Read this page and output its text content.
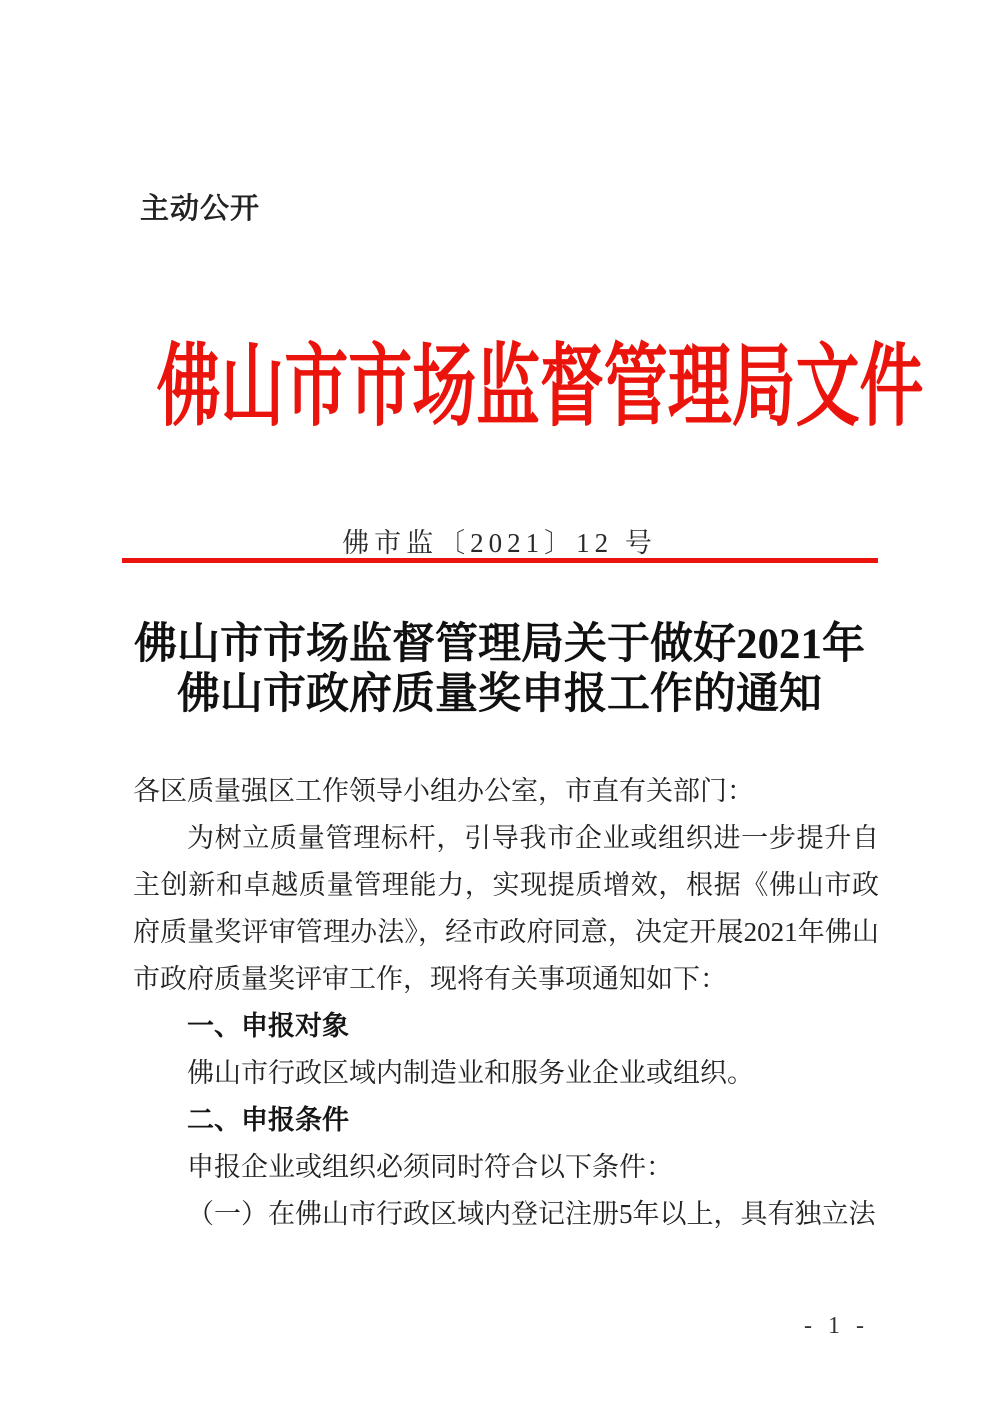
主动公开
佛山市市场监督管理局文件
佛市监〔2021〕12 号
佛山市市场监督管理局关于做好2021年
佛山市政府质量奖申报工作的通知

各区质量强区工作领导小组办公室，市直有关部门：

为树立质量管理标杆，引导我市企业或组织进一步提升自主创新和卓越质量管理能力，实现提质增效，根据《佛山市政府质量奖评审管理办法》，经市政府同意，决定开展2021年佛山市政府质量奖评审工作，现将有关事项通知如下：

一、申报对象

佛山市行政区域内制造业和服务业企业或组织。

二、申报条件

申报企业或组织必须同时符合以下条件：

（一）在佛山市行政区域内登记注册5年以上，具有独立法

- 1 -
